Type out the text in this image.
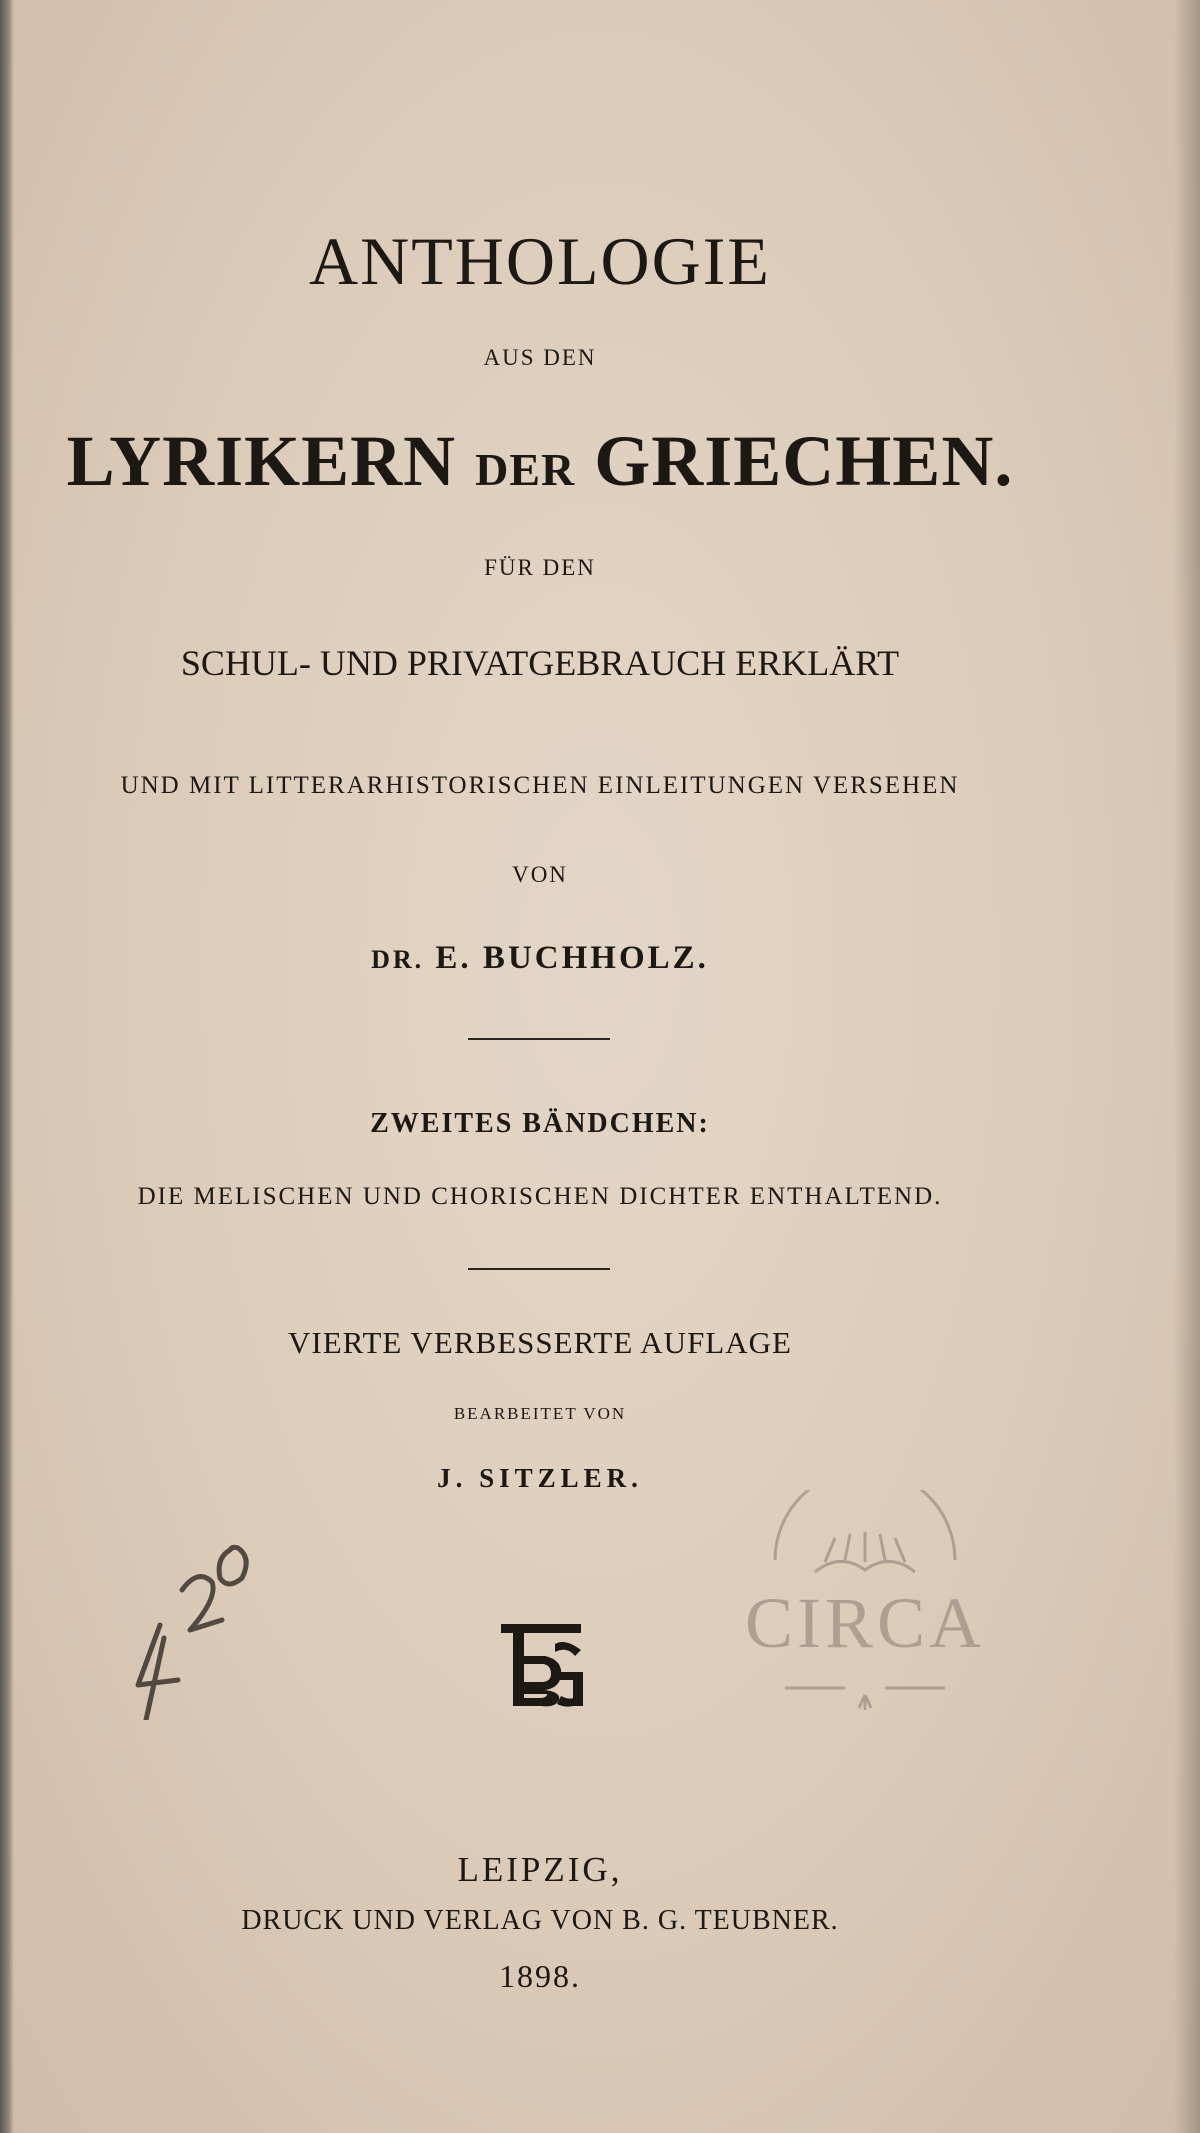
ANTHOLOGIE
AUS DEN
LYRIKERN DER GRIECHEN.
FÜR DEN
SCHUL- UND PRIVATGEBRAUCH ERKLÄRT
UND MIT LITTERARHISTORISCHEN EINLEITUNGEN VERSEHEN
VON
DR. E. BUCHHOLZ.
ZWEITES BÄNDCHEN:
DIE MELISCHEN UND CHORISCHEN DICHTER ENTHALTEND.
VIERTE VERBESSERTE AUFLAGE
BEARBEITET VON
J. SITZLER.
CIRCA
LEIPZIG,
DRUCK UND VERLAG VON B. G. TEUBNER.
1898.
